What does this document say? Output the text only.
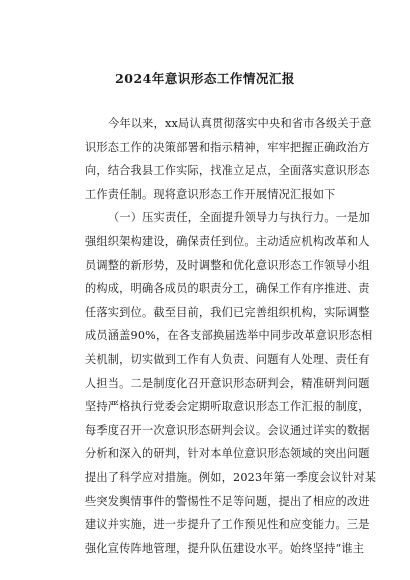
2024年意识形态工作情况汇报
今年以来，xx局认真贯彻落实中央和省市各级关于意
识形态工作的决策部署和指示精神，牢牢把握正确政治方
向，结合我县工作实际，找准立足点，全面落实意识形态
工作责任制。现将意识形态工作开展情况汇报如下
（一）压实责任，全面提升领导力与执行力。一是加
强组织架构建设，确保责任到位。主动适应机构改革和人
员调整的新形势，及时调整和优化意识形态工作领导小组
的构成，明确各成员的职责分工，确保工作有序推进、责
任落实到位。截至目前，我们已完善组织机构，实际调整
成员涵盖90%，在各支部换届选举中同步改革意识形态相
关机制，切实做到工作有人负责、问题有人处理、责任有
人担当。二是制度化召开意识形态研判会，精准研判问题
坚持严格执行党委会定期听取意识形态工作汇报的制度，
每季度召开一次意识形态研判会议。会议通过详实的数据
分析和深入的研判，针对本单位意识形态领域的突出问题
提出了科学应对措施。例如，2023年第一季度会议针对某
些突发舆情事件的警惕性不足等问题，提出了相应的改进
建议并实施，进一步提升了工作预见性和应变能力。三是
强化宣传阵地管理，提升队伍建设水平。始终坚持“谁主
